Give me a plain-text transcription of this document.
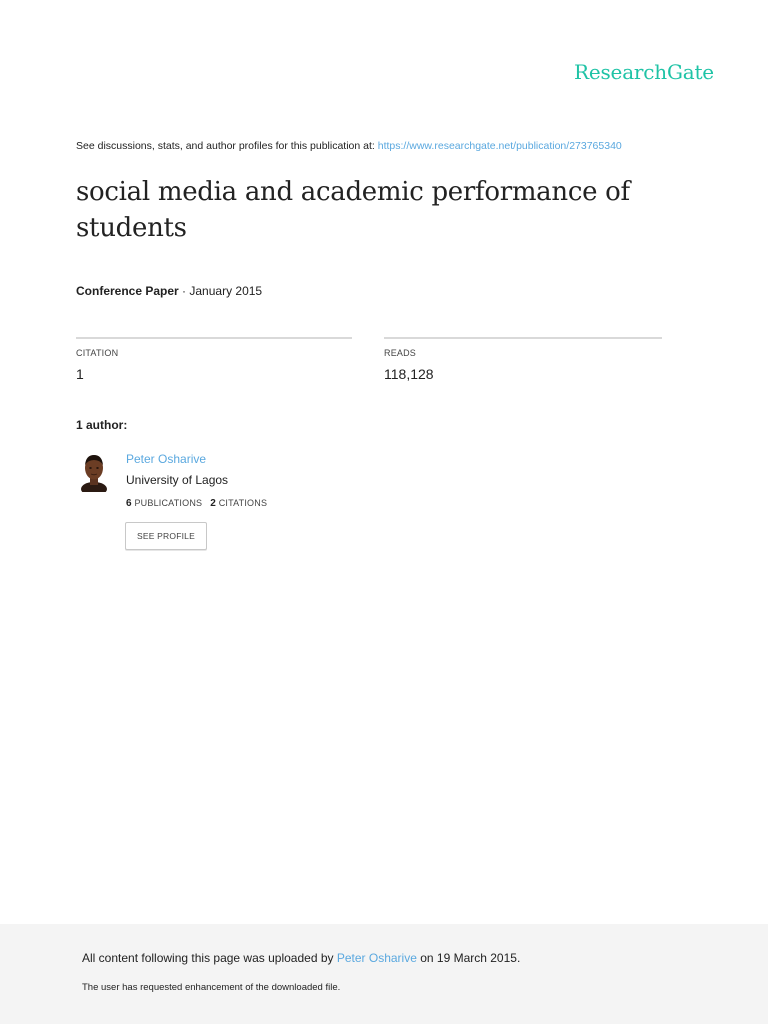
ResearchGate
See discussions, stats, and author profiles for this publication at: https://www.researchgate.net/publication/273765340
social media and academic performance of students
Conference Paper · January 2015
CITATION
1
READS
118,128
1 author:
Peter Osharive
University of Lagos
6 PUBLICATIONS 2 CITATIONS
SEE PROFILE
All content following this page was uploaded by Peter Osharive on 19 March 2015.
The user has requested enhancement of the downloaded file.
